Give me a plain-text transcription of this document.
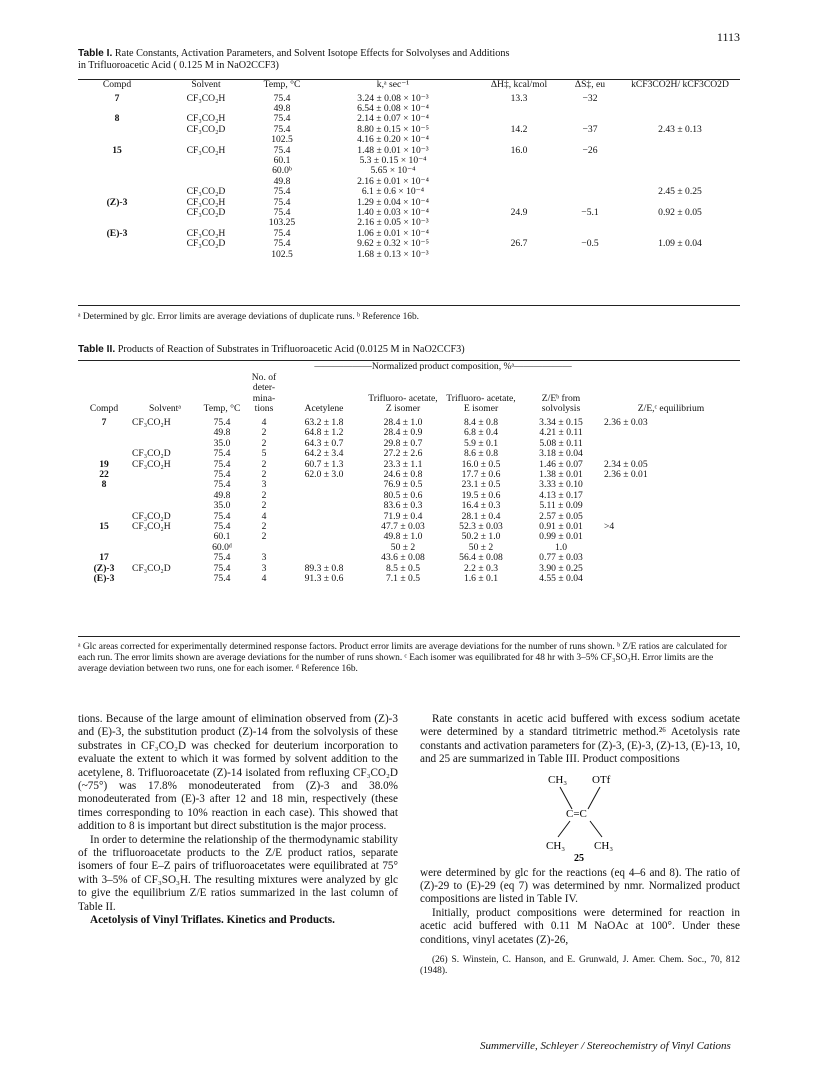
1113
Table I. Rate Constants, Activation Parameters, and Solvent Isotope Effects for Solvolyses and Additions in Trifluoroacetic Acid ( 0.125 M in NaO2CCF3)
Compd	Solvent	Temp, °C	k,ᵃ sec⁻¹	ΔH‡, kcal/mol	ΔS‡, eu	kCF3CO2H/ kCF3CO2D
7	CF₃CO₂H	75.4	3.24 ± 0.08 × 10⁻³	13.3	−32	
		49.8	6.54 ± 0.08 × 10⁻⁴			
8	CF₃CO₂H	75.4	2.14 ± 0.07 × 10⁻⁴			
	CF₃CO₂D	75.4	8.80 ± 0.15 × 10⁻⁵	14.2	−37	2.43 ± 0.13
		102.5	4.16 ± 0.20 × 10⁻⁴			
15	CF₃CO₂H	75.4	1.48 ± 0.01 × 10⁻³	16.0	−26	
		60.1	5.3 ± 0.15 × 10⁻⁴			
		60.0ᵇ	5.65 × 10⁻⁴			
		49.8	2.16 ± 0.01 × 10⁻⁴			
	CF₃CO₂D	75.4	6.1 ± 0.6 × 10⁻⁴			2.45 ± 0.25
(Z)-3	CF₃CO₂H	75.4	1.29 ± 0.04 × 10⁻⁴			
	CF₃CO₂D	75.4	1.40 ± 0.03 × 10⁻⁴	24.9	−5.1	0.92 ± 0.05
		103.25	2.16 ± 0.05 × 10⁻³			
(E)-3	CF₃CO₂H	75.4	1.06 ± 0.01 × 10⁻⁴			
	CF₃CO₂D	75.4	9.62 ± 0.32 × 10⁻⁵	26.7	−0.5	1.09 ± 0.04
		102.5	1.68 ± 0.13 × 10⁻³			
ᵃ Determined by glc. Error limits are average deviations of duplicate runs. ᵇ Reference 16b.
Table II. Products of Reaction of Substrates in Trifluoroacetic Acid (0.0125 M in NaO2CCF3)
				——————Normalized product composition, %ᵃ——————				
Compd	Solventᵃ	Temp, °C	No. of deter- mina- tions	Acetylene	Trifluoro- acetate, Z isomer	Trifluoro- acetate, E isomer	Z/Eᵇ from solvolysis	Z/E,ᶜ equilibrium
7	CF₃CO₂H	75.4	4	63.2 ± 1.8	28.4 ± 1.0	8.4 ± 0.8	3.34 ± 0.15	2.36 ± 0.03
		49.8	2	64.8 ± 1.2	28.4 ± 0.9	6.8 ± 0.4	4.21 ± 0.11	
		35.0	2	64.3 ± 0.7	29.8 ± 0.7	5.9 ± 0.1	5.08 ± 0.11	
	CF₃CO₂D	75.4	5	64.2 ± 3.4	27.2 ± 2.6	8.6 ± 0.8	3.18 ± 0.04	
19	CF₃CO₂H	75.4	2	60.7 ± 1.3	23.3 ± 1.1	16.0 ± 0.5	1.46 ± 0.07	2.34 ± 0.05
22		75.4	2	62.0 ± 3.0	24.6 ± 0.8	17.7 ± 0.6	1.38 ± 0.01	2.36 ± 0.01
8		75.4	3		76.9 ± 0.5	23.1 ± 0.5	3.33 ± 0.10	
		49.8	2		80.5 ± 0.6	19.5 ± 0.6	4.13 ± 0.17	
		35.0	2		83.6 ± 0.3	16.4 ± 0.3	5.11 ± 0.09	
	CF₃CO₂D	75.4	4		71.9 ± 0.4	28.1 ± 0.4	2.57 ± 0.05	
15	CF₃CO₂H	75.4	2		47.7 ± 0.03	52.3 ± 0.03	0.91 ± 0.01	>4
		60.1	2		49.8 ± 1.0	50.2 ± 1.0	0.99 ± 0.01	
		60.0ᵈ			50 ± 2	50 ± 2	1.0	
17		75.4	3		43.6 ± 0.08	56.4 ± 0.08	0.77 ± 0.03	
(Z)-3	CF₃CO₂D	75.4	3	89.3 ± 0.8	8.5 ± 0.5	2.2 ± 0.3	3.90 ± 0.25	
(E)-3		75.4	4	91.3 ± 0.6	7.1 ± 0.5	1.6 ± 0.1	4.55 ± 0.04	
ᵃ Glc areas corrected for experimentally determined response factors. Product error limits are average deviations for the number of runs shown. ᵇ Z/E ratios are calculated for each run. The error limits shown are average deviations for the number of runs shown. ᶜ Each isomer was equilibrated for 48 hr with 3–5% CF₃SO₃H. Error limits are the average deviation between two runs, one for each isomer. ᵈ Reference 16b.

tions. Because of the large amount of elimination observed from (Z)-3 and (E)-3, the substitution product (Z)-14 from the solvolysis of these substrates in CF₃CO₂D was checked for deuterium incorporation to evaluate the extent to which it was formed by solvent addition to the acetylene, 8. Trifluoroacetate (Z)-14 isolated from refluxing CF₃CO₂D (~75°) was 17.8% monodeuterated from (Z)-3 and 38.0% monodeuterated from (E)-3 after 12 and 18 min, respectively (these times corresponding to 10% reaction in each case). This showed that addition to 8 is important but direct substitution is the major process.

In order to determine the relationship of the thermodynamic stability of the trifluoroacetate products to the Z/E product ratios, separate isomers of four E–Z pairs of trifluoroacetates were equilibrated at 75° with 3–5% of CF₃SO₃H. The resulting mixtures were analyzed by glc to give the equilibrium Z/E ratios summarized in the last column of Table II.

Acetolysis of Vinyl Triflates. Kinetics and Products.

Rate constants in acetic acid buffered with excess sodium acetate were determined by a standard titrimetric method.²⁶ Acetolysis rate constants and activation parameters for (Z)-3, (E)-3, (Z)-13, (E)-13, 10, and 25 are summarized in Table III. Product compositions

CH₃ OTf
C=C
CH₃	CH₃
25

were determined by glc for the reactions (eq 4–6 and 8). The ratio of (Z)-29 to (E)-29 (eq 7) was determined by nmr. Normalized product compositions are listed in Table IV.

Initially, product compositions were determined for reaction in acetic acid buffered with 0.11 M NaOAc at 100°. Under these conditions, vinyl acetates (Z)-26,

(26) S. Winstein, C. Hanson, and E. Grunwald, J. Amer. Chem. Soc., 70, 812 (1948).

Summerville, Schleyer / Stereochemistry of Vinyl Cations
